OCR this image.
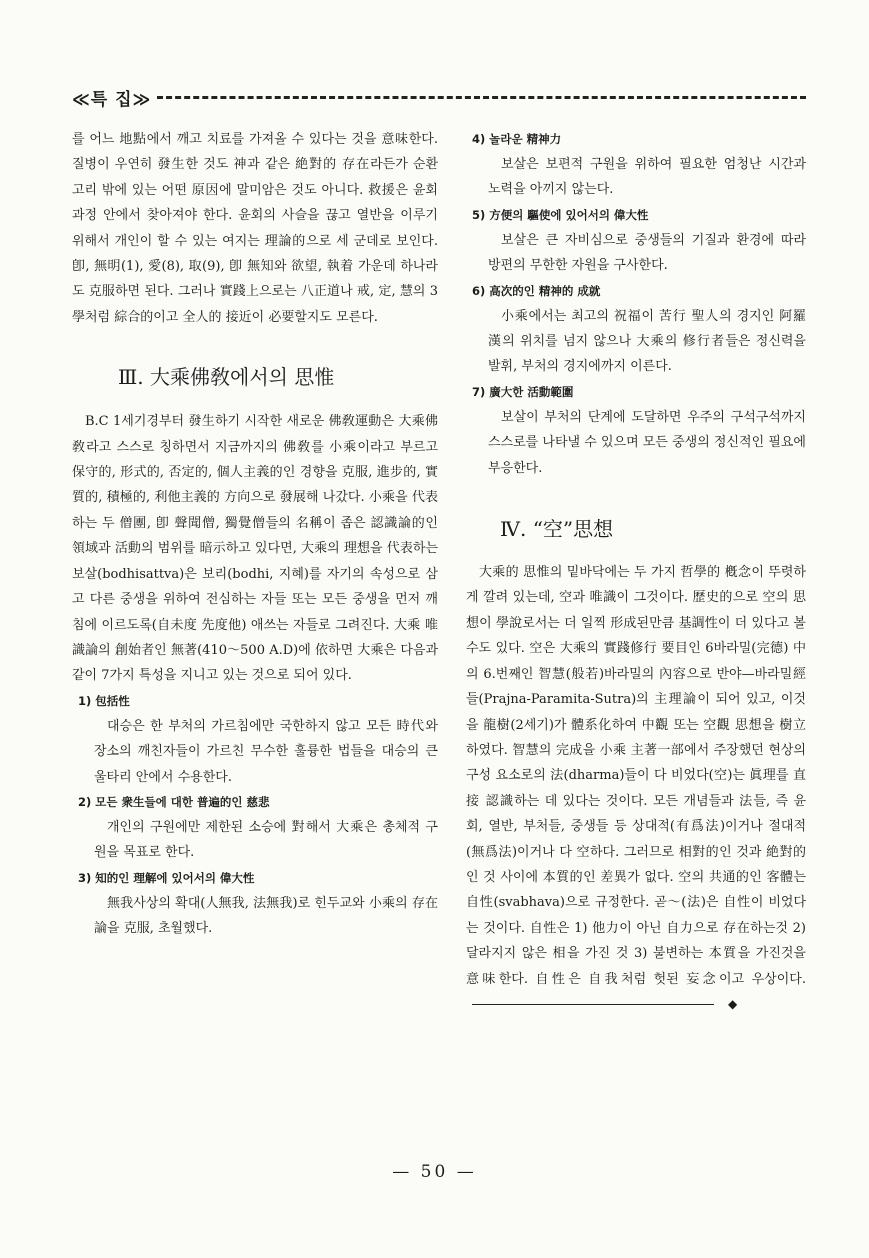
≪특 집≫

를 어느 地點에서 깨고 치료를 가져올 수 있다는 것을 意味한다. 질병이 우연히 發生한 것도 神과 같은 絶對的 存在라든가 순환 고리 밖에 있는 어떤 原因에 말미암은 것도 아니다. 救援은 윤회 과정 안에서 찾아져야 한다. 윤회의 사슬을 끊고 열반을 이루기 위해서 개인이 할 수 있는 여지는 理論的으로 세 군데로 보인다. 卽, 無明(1), 愛(8), 取(9), 卽 無知와 欲望, 執着 가운데 하나라도 克服하면 된다. 그러나 實踐上으로는 八正道나 戒, 定, 慧의 3學처럼 綜合的이고 全人的 接近이 必要할지도 모른다.

Ⅲ. 大乘佛敎에서의 思惟

B.C 1세기경부터 發生하기 시작한 새로운 佛敎運動은 大乘佛敎라고 스스로 칭하면서 지금까지의 佛敎를 小乘이라고 부르고 保守的, 形式的, 否定的, 個人主義的인 경향을 克服, 進步的, 實質的, 積極的, 利他主義的 方向으로 發展해 나갔다. 小乘을 代表하는 두 僧團, 卽 聲聞僧, 獨覺僧들의 名稱이 좁은 認識論的인 領域과 活動의 범위를 暗示하고 있다면, 大乘의 理想을 代表하는 보살(bodhisattva)은 보리(bodhi, 지혜)를 자기의 속성으로 삼고 다른 중생을 위하여 전심하는 자들 또는 모든 중생을 먼저 깨침에 이르도록(自未度 先度他) 애쓰는 자들로 그려진다. 大乘 唯識論의 創始者인 無著(410～500 A.D)에 依하면 大乘은 다음과 같이 7가지 특성을 지니고 있는 것으로 되어 있다.

1) 包括性

대승은 한 부처의 가르침에만 국한하지 않고 모든 時代와 장소의 깨친자들이 가르친 무수한 훌륭한 법들을 대승의 큰 울타리 안에서 수용한다.

2) 모든 衆生들에 대한 普遍的인 慈悲

개인의 구원에만 제한된 소승에 對해서 大乘은 총체적 구원을 목표로 한다.

3) 知的인 理解에 있어서의 偉大性

無我사상의 확대(人無我, 法無我)로 힌두교와 小乘의 存在論을 克服, 초월했다.

4) 놀라운 精神力

보살은 보편적 구원을 위하여 필요한 엄청난 시간과 노력을 아끼지 않는다.

5) 方便의 驅使에 있어서의 偉大性

보살은 큰 자비심으로 중생들의 기질과 환경에 따라 방편의 무한한 자원을 구사한다.

6) 高次的인 精神的 成就

小乘에서는 최고의 祝福이 苦行 聖人의 경지인 阿羅漢의 위치를 넘지 않으나 大乘의 修行者들은 정신력을 발휘, 부처의 경지에까지 이른다.

7) 廣大한 活動範圍

보살이 부처의 단계에 도달하면 우주의 구석구석까지 스스로를 나타낼 수 있으며 모든 중생의 정신적인 필요에 부응한다.

Ⅳ. “空”思想

大乘的 思惟의 밑바닥에는 두 가지 哲學的 槪念이 뚜렷하게 깔려 있는데, 空과 唯識이 그것이다. 歷史的으로 空의 思想이 學說로서는 더 일찍 形成된만큼 基調性이 더 있다고 볼 수도 있다. 空은 大乘의 實踐修行 要目인 6바라밀(完德) 中의 6.번째인 智慧(般若)바라밀의 內容으로 반야—바라밀經들(Prajna-Paramita-Sutra)의 主理論이 되어 있고, 이것을 龍樹(2세기)가 體系化하여 中觀 또는 空觀 思想을 樹立하였다. 智慧의 完成을 小乘 主著一部에서 주장했던 현상의 구성 요소로의 法(dharma)들이 다 비었다(空)는 眞理를 直接 認識하는 데 있다는 것이다. 모든 개념들과 法들, 즉 윤회, 열반, 부처들, 중생들 등 상대적(有爲法)이거나 절대적(無爲法)이거나 다 空하다. 그러므로 相對的인 것과 絶對的인 것 사이에 本質的인 差異가 없다. 空의 共通的인 客體는 自性(svabhava)으로 규정한다. 곧～(法)은 自性이 비었다는 것이다. 自性은 1) 他力이 아닌 自力으로 存在하는것 2) 달라지지 않은 相을 가진 것 3) 불변하는 本質을 가진것을 意味한다. 自性은 自我처럼 헛된 妄念이고 우상이다.◆

— 50 —
